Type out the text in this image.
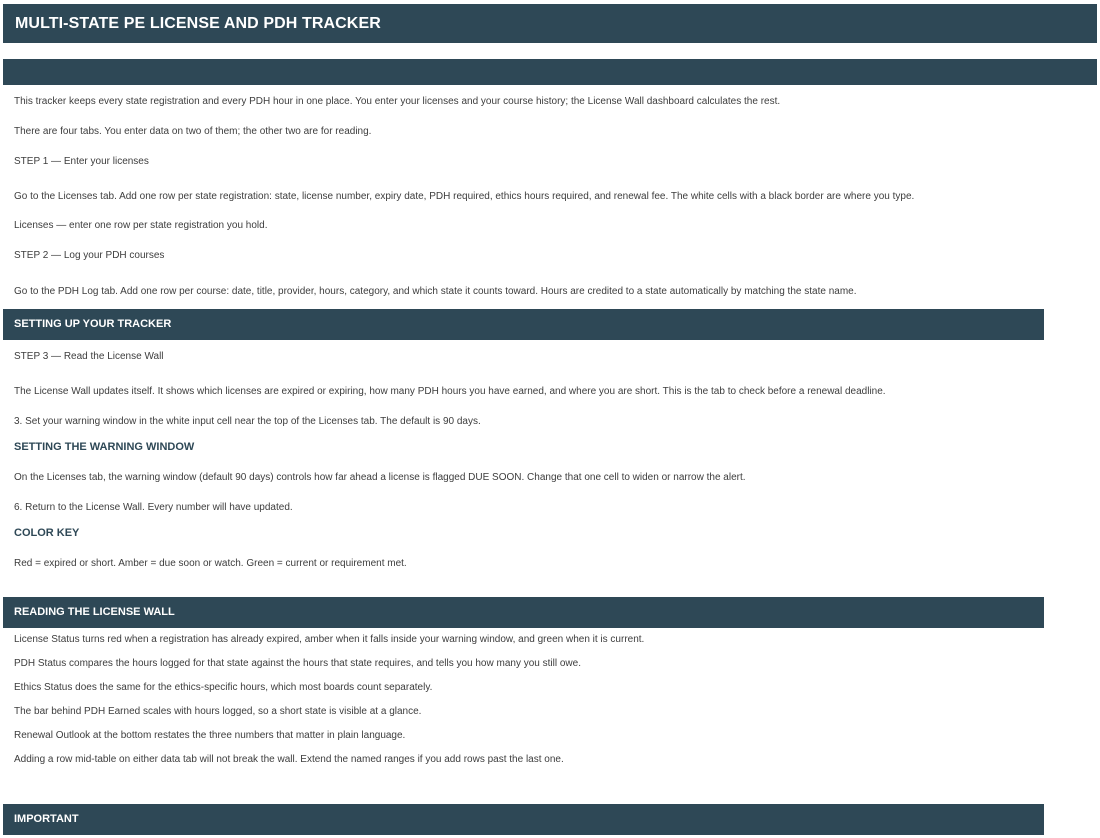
MULTI-STATE PE LICENSE AND PDH TRACKER
This tracker keeps every state registration and every PDH hour in one place. You enter your licenses and your course history; the License Wall dashboard calculates the rest.
There are four tabs. You enter data on two of them; the other two are for reading.
STEP 1 — Enter your licenses
Go to the Licenses tab. Add one row per state registration: state, license number, expiry date, PDH required, ethics hours required, and renewal fee. The white cells with a black border are where you type.
Licenses — enter one row per state registration you hold.
STEP 2 — Log your PDH courses
Go to the PDH Log tab. Add one row per course: date, title, provider, hours, category, and which state it counts toward. Hours are credited to a state automatically by matching the state name.
SETTING UP YOUR TRACKER
STEP 3 — Read the License Wall
The License Wall updates itself. It shows which licenses are expired or expiring, how many PDH hours you have earned, and where you are short. This is the tab to check before a renewal deadline.
3. Set your warning window in the white input cell near the top of the Licenses tab. The default is 90 days.
SETTING THE WARNING WINDOW
On the Licenses tab, the warning window (default 90 days) controls how far ahead a license is flagged DUE SOON. Change that one cell to widen or narrow the alert.
6. Return to the License Wall. Every number will have updated.
COLOR KEY
Red = expired or short. Amber = due soon or watch. Green = current or requirement met.
READING THE LICENSE WALL
License Status turns red when a registration has already expired, amber when it falls inside your warning window, and green when it is current.
PDH Status compares the hours logged for that state against the hours that state requires, and tells you how many you still owe.
Ethics Status does the same for the ethics-specific hours, which most boards count separately.
The bar behind PDH Earned scales with hours logged, so a short state is visible at a glance.
Renewal Outlook at the bottom restates the three numbers that matter in plain language.
Adding a row mid-table on either data tab will not break the wall. Extend the named ranges if you add rows past the last one.
IMPORTANT
